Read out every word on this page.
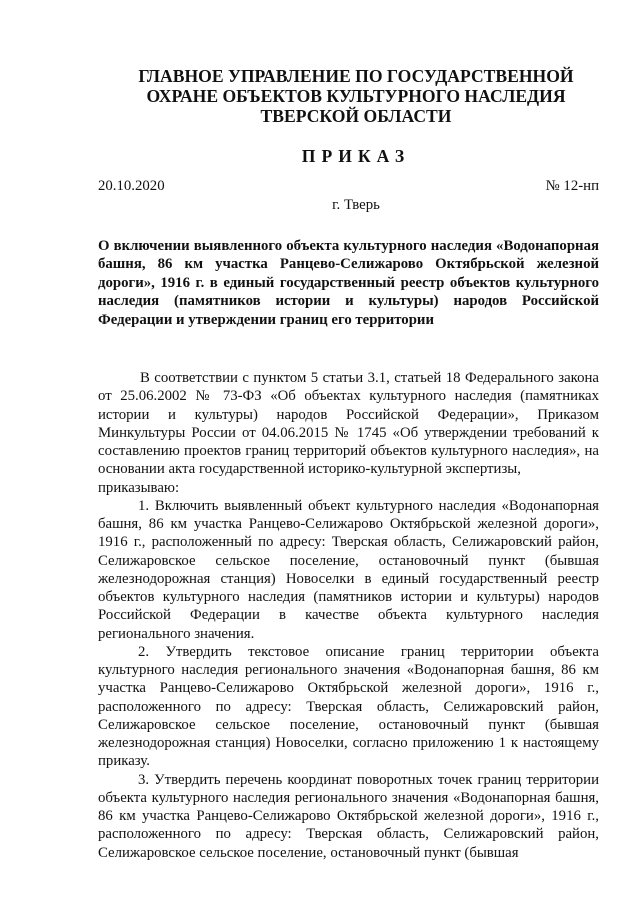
ГЛАВНОЕ УПРАВЛЕНИЕ ПО ГОСУДАРСТВЕННОЙ
ОХРАНЕ ОБЪЕКТОВ КУЛЬТУРНОГО НАСЛЕДИЯ
ТВЕРСКОЙ ОБЛАСТИ
ПРИКАЗ
20.10.2020	№ 12-нп
г. Тверь

О включении выявленного объекта культурного наследия «Водонапорная башня, 86 км участка Ранцево-Селижарово Октябрьской железной дороги», 1916 г. в единый государственный реестр объектов культурного наследия (памятников истории и культуры) народов Российской Федерации и утверждении границ его территории

В соответствии с пунктом 5 статьи 3.1, статьей 18 Федерального закона от 25.06.2002 № 73-ФЗ «Об объектах культурного наследия (памятниках истории и культуры) народов Российской Федерации», Приказом Минкультуры России от 04.06.2015 № 1745 «Об утверждении требований к составлению проектов границ территорий объектов культурного наследия», на основании акта государственной историко-культурной экспертизы,

приказываю:

1. Включить выявленный объект культурного наследия «Водонапорная башня, 86 км участка Ранцево-Селижарово Октябрьской железной дороги», 1916 г., расположенный по адресу: Тверская область, Селижаровский район, Селижаровское сельское поселение, остановочный пункт (бывшая железнодорожная станция) Новоселки в единый государственный реестр объектов культурного наследия (памятников истории и культуры) народов Российской Федерации в качестве объекта культурного наследия регионального значения.

2. Утвердить текстовое описание границ территории объекта культурного наследия регионального значения «Водонапорная башня, 86 км участка Ранцево-Селижарово Октябрьской железной дороги», 1916 г., расположенного по адресу: Тверская область, Селижаровский район, Селижаровское сельское поселение, остановочный пункт (бывшая железнодорожная станция) Новоселки, согласно приложению 1 к настоящему приказу.

3. Утвердить перечень координат поворотных точек границ территории объекта культурного наследия регионального значения «Водонапорная башня, 86 км участка Ранцево-Селижарово Октябрьской железной дороги», 1916 г., расположенного по адресу: Тверская область, Селижаровский район, Селижаровское сельское поселение, остановочный пункт (бывшая
